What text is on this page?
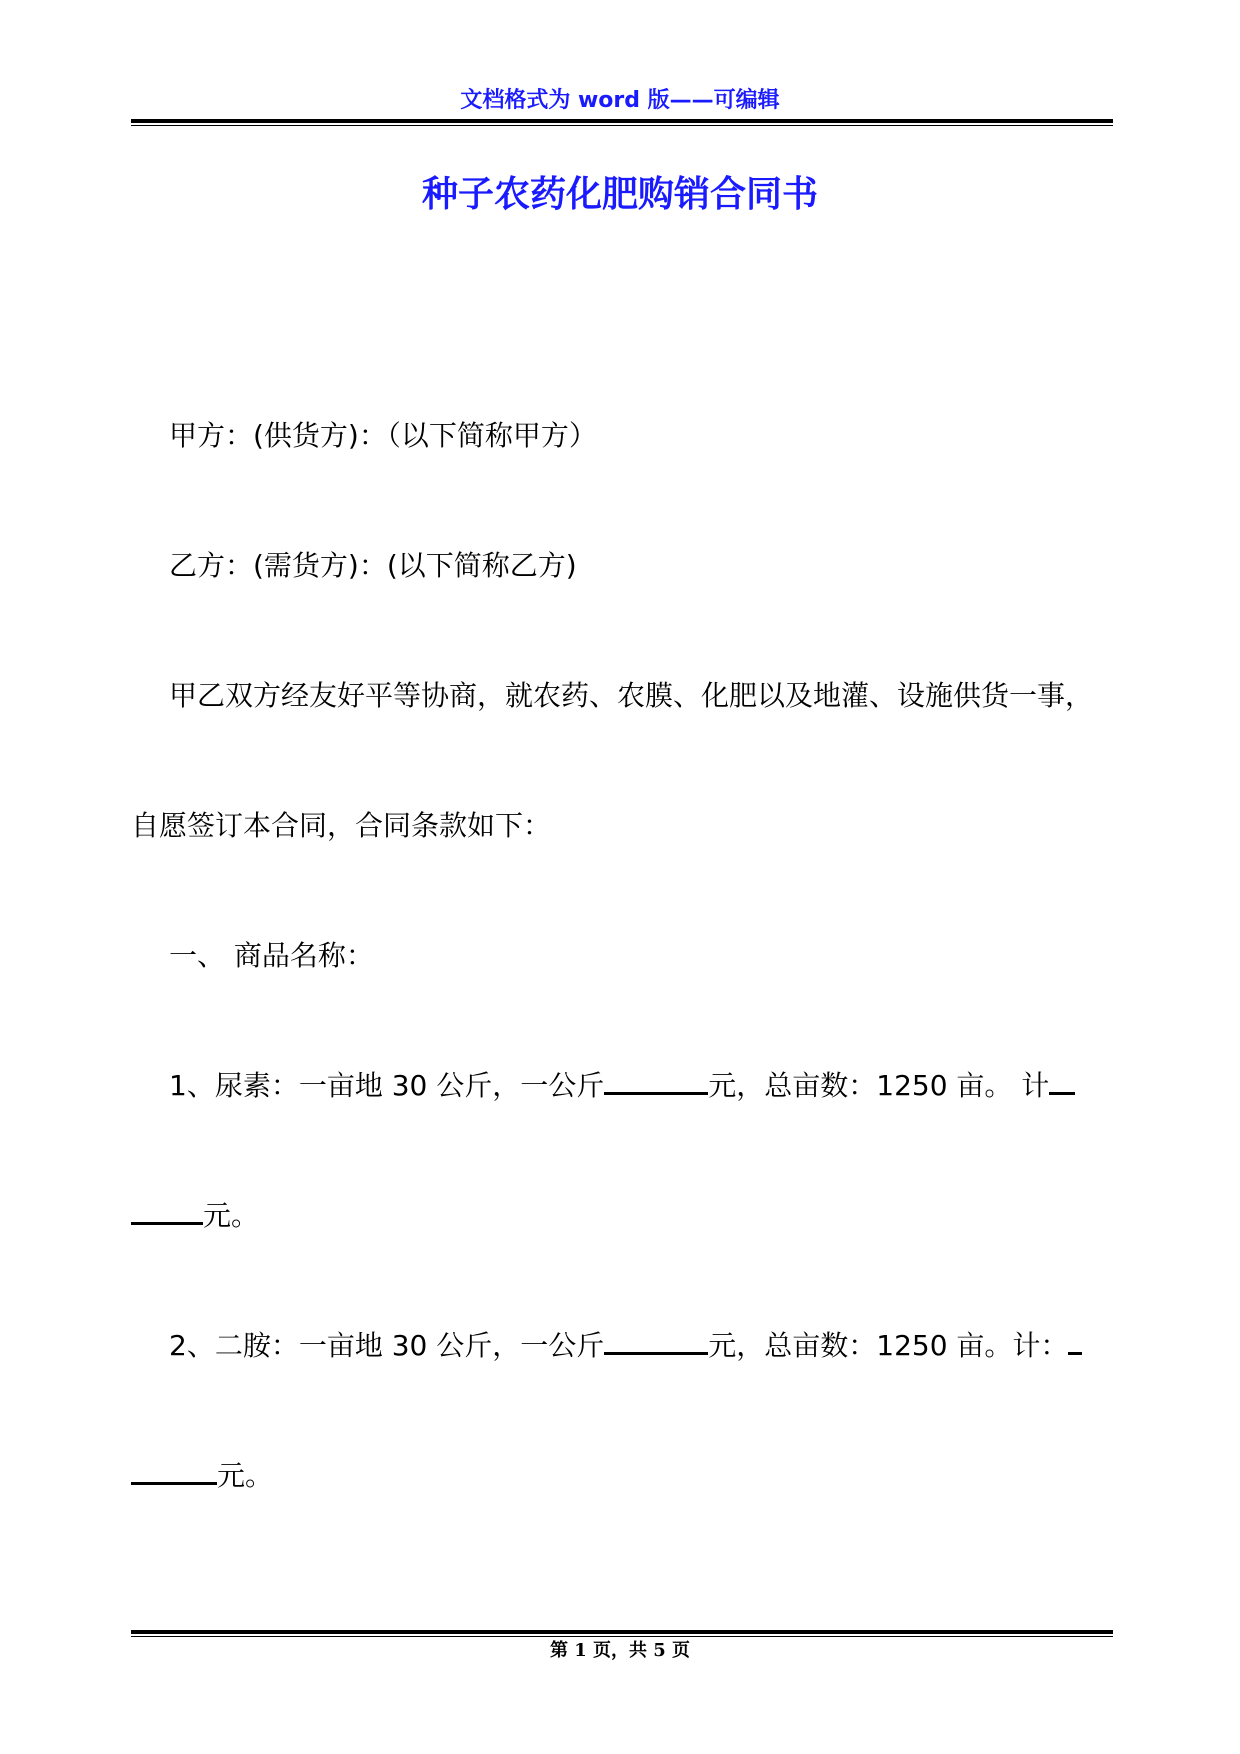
文档格式为 word 版——可编辑
种子农药化肥购销合同书
甲方：(供货方)：（以下简称甲方）
乙方：(需货方)：(以下简称乙方)
甲乙双方经友好平等协商，就农药、农膜、化肥以及地灌、设施供货一事，
自愿签订本合同，合同条款如下：
一、 商品名称：
1、尿素：一亩地 30 公斤，一公斤	元，总亩数：1250 亩。 计
元。
2、二胺：一亩地 30 公斤，一公斤	元，总亩数：1250 亩。计：
元。
第 1 页，共 5 页
